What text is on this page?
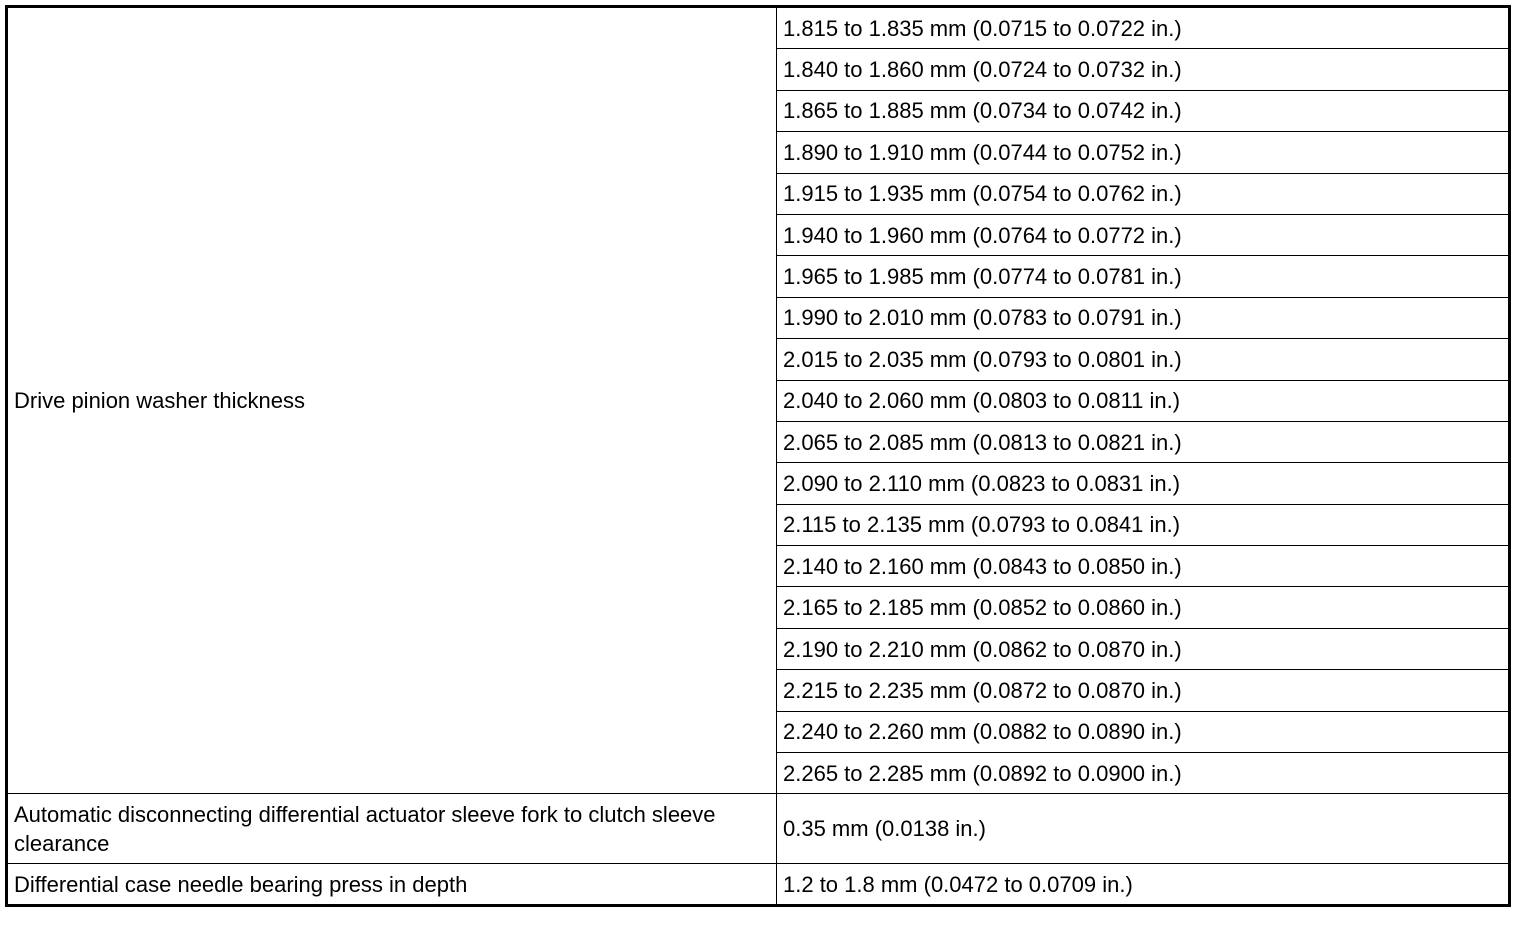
Drive pinion washer thickness	1.815 to 1.835 mm (0.0715 to 0.0722 in.)
	1.840 to 1.860 mm (0.0724 to 0.0732 in.)
	1.865 to 1.885 mm (0.0734 to 0.0742 in.)
	1.890 to 1.910 mm (0.0744 to 0.0752 in.)
	1.915 to 1.935 mm (0.0754 to 0.0762 in.)
	1.940 to 1.960 mm (0.0764 to 0.0772 in.)
	1.965 to 1.985 mm (0.0774 to 0.0781 in.)
	1.990 to 2.010 mm (0.0783 to 0.0791 in.)
	2.015 to 2.035 mm (0.0793 to 0.0801 in.)
	2.040 to 2.060 mm (0.0803 to 0.0811 in.)
	2.065 to 2.085 mm (0.0813 to 0.0821 in.)
	2.090 to 2.110 mm (0.0823 to 0.0831 in.)
	2.115 to 2.135 mm (0.0793 to 0.0841 in.)
	2.140 to 2.160 mm (0.0843 to 0.0850 in.)
	2.165 to 2.185 mm (0.0852 to 0.0860 in.)
	2.190 to 2.210 mm (0.0862 to 0.0870 in.)
	2.215 to 2.235 mm (0.0872 to 0.0870 in.)
	2.240 to 2.260 mm (0.0882 to 0.0890 in.)
	2.265 to 2.285 mm (0.0892 to 0.0900 in.)
Automatic disconnecting differential actuator sleeve fork to clutch sleeve clearance	0.35 mm (0.0138 in.)
Differential case needle bearing press in depth	1.2 to 1.8 mm (0.0472 to 0.0709 in.)
